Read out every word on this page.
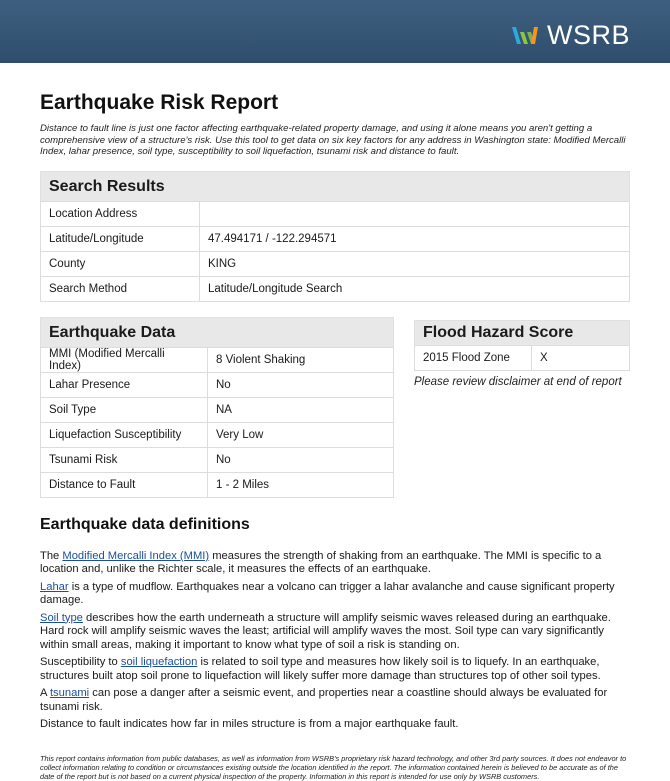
WSRB
Earthquake Risk Report

Distance to fault line is just one factor affecting earthquake-related property damage, and using it alone means you aren't getting a comprehensive view of a structure's risk. Use this tool to get data on six key factors for any address in Washington state: Modified Mercalli Index, lahar presence, soil type, susceptibility to soil liquefaction, tsunami risk and distance to fault.

Search Results
Location Address	
Latitude/Longitude	47.494171 / -122.294571
County	KING
Search Method	Latitude/Longitude Search
Earthquake Data
MMI (Modified Mercalli Index)	8 Violent Shaking
Lahar Presence	No
Soil Type	NA
Liquefaction Susceptibility	Very Low
Tsunami Risk	No
Distance to Fault	1 - 2 Miles
Flood Hazard Score
2015 Flood Zone	X
Please review disclaimer at end of report
Earthquake data definitions

The Modified Mercalli Index (MMI) measures the strength of shaking from an earthquake. The MMI is specific to a location and, unlike the Richter scale, it measures the effects of an earthquake.

Lahar is a type of mudflow. Earthquakes near a volcano can trigger a lahar avalanche and cause significant property damage.

Soil type describes how the earth underneath a structure will amplify seismic waves released during an earthquake. Hard rock will amplify seismic waves the least; artificial will amplify waves the most. Soil type can vary significantly within small areas, making it important to know what type of soil a risk is standing on.

Susceptibility to soil liquefaction is related to soil type and measures how likely soil is to liquefy. In an earthquake, structures built atop soil prone to liquefaction will likely suffer more damage than structures top of other soil types.

A tsunami can pose a danger after a seismic event, and properties near a coastline should always be evaluated for tsunami risk.

Distance to fault indicates how far in miles structure is from a major earthquake fault.

This report contains information from public databases, as well as information from WSRB's proprietary risk hazard technology, and other 3rd party sources. It does not endeavor to collect information relating to condition or circumstances existing outside the location identified in the report. The information contained herein is believed to be accurate as of the date of the report but is not based on a current physical inspection of the property. Information in this report is intended for use only by WSRB customers.
